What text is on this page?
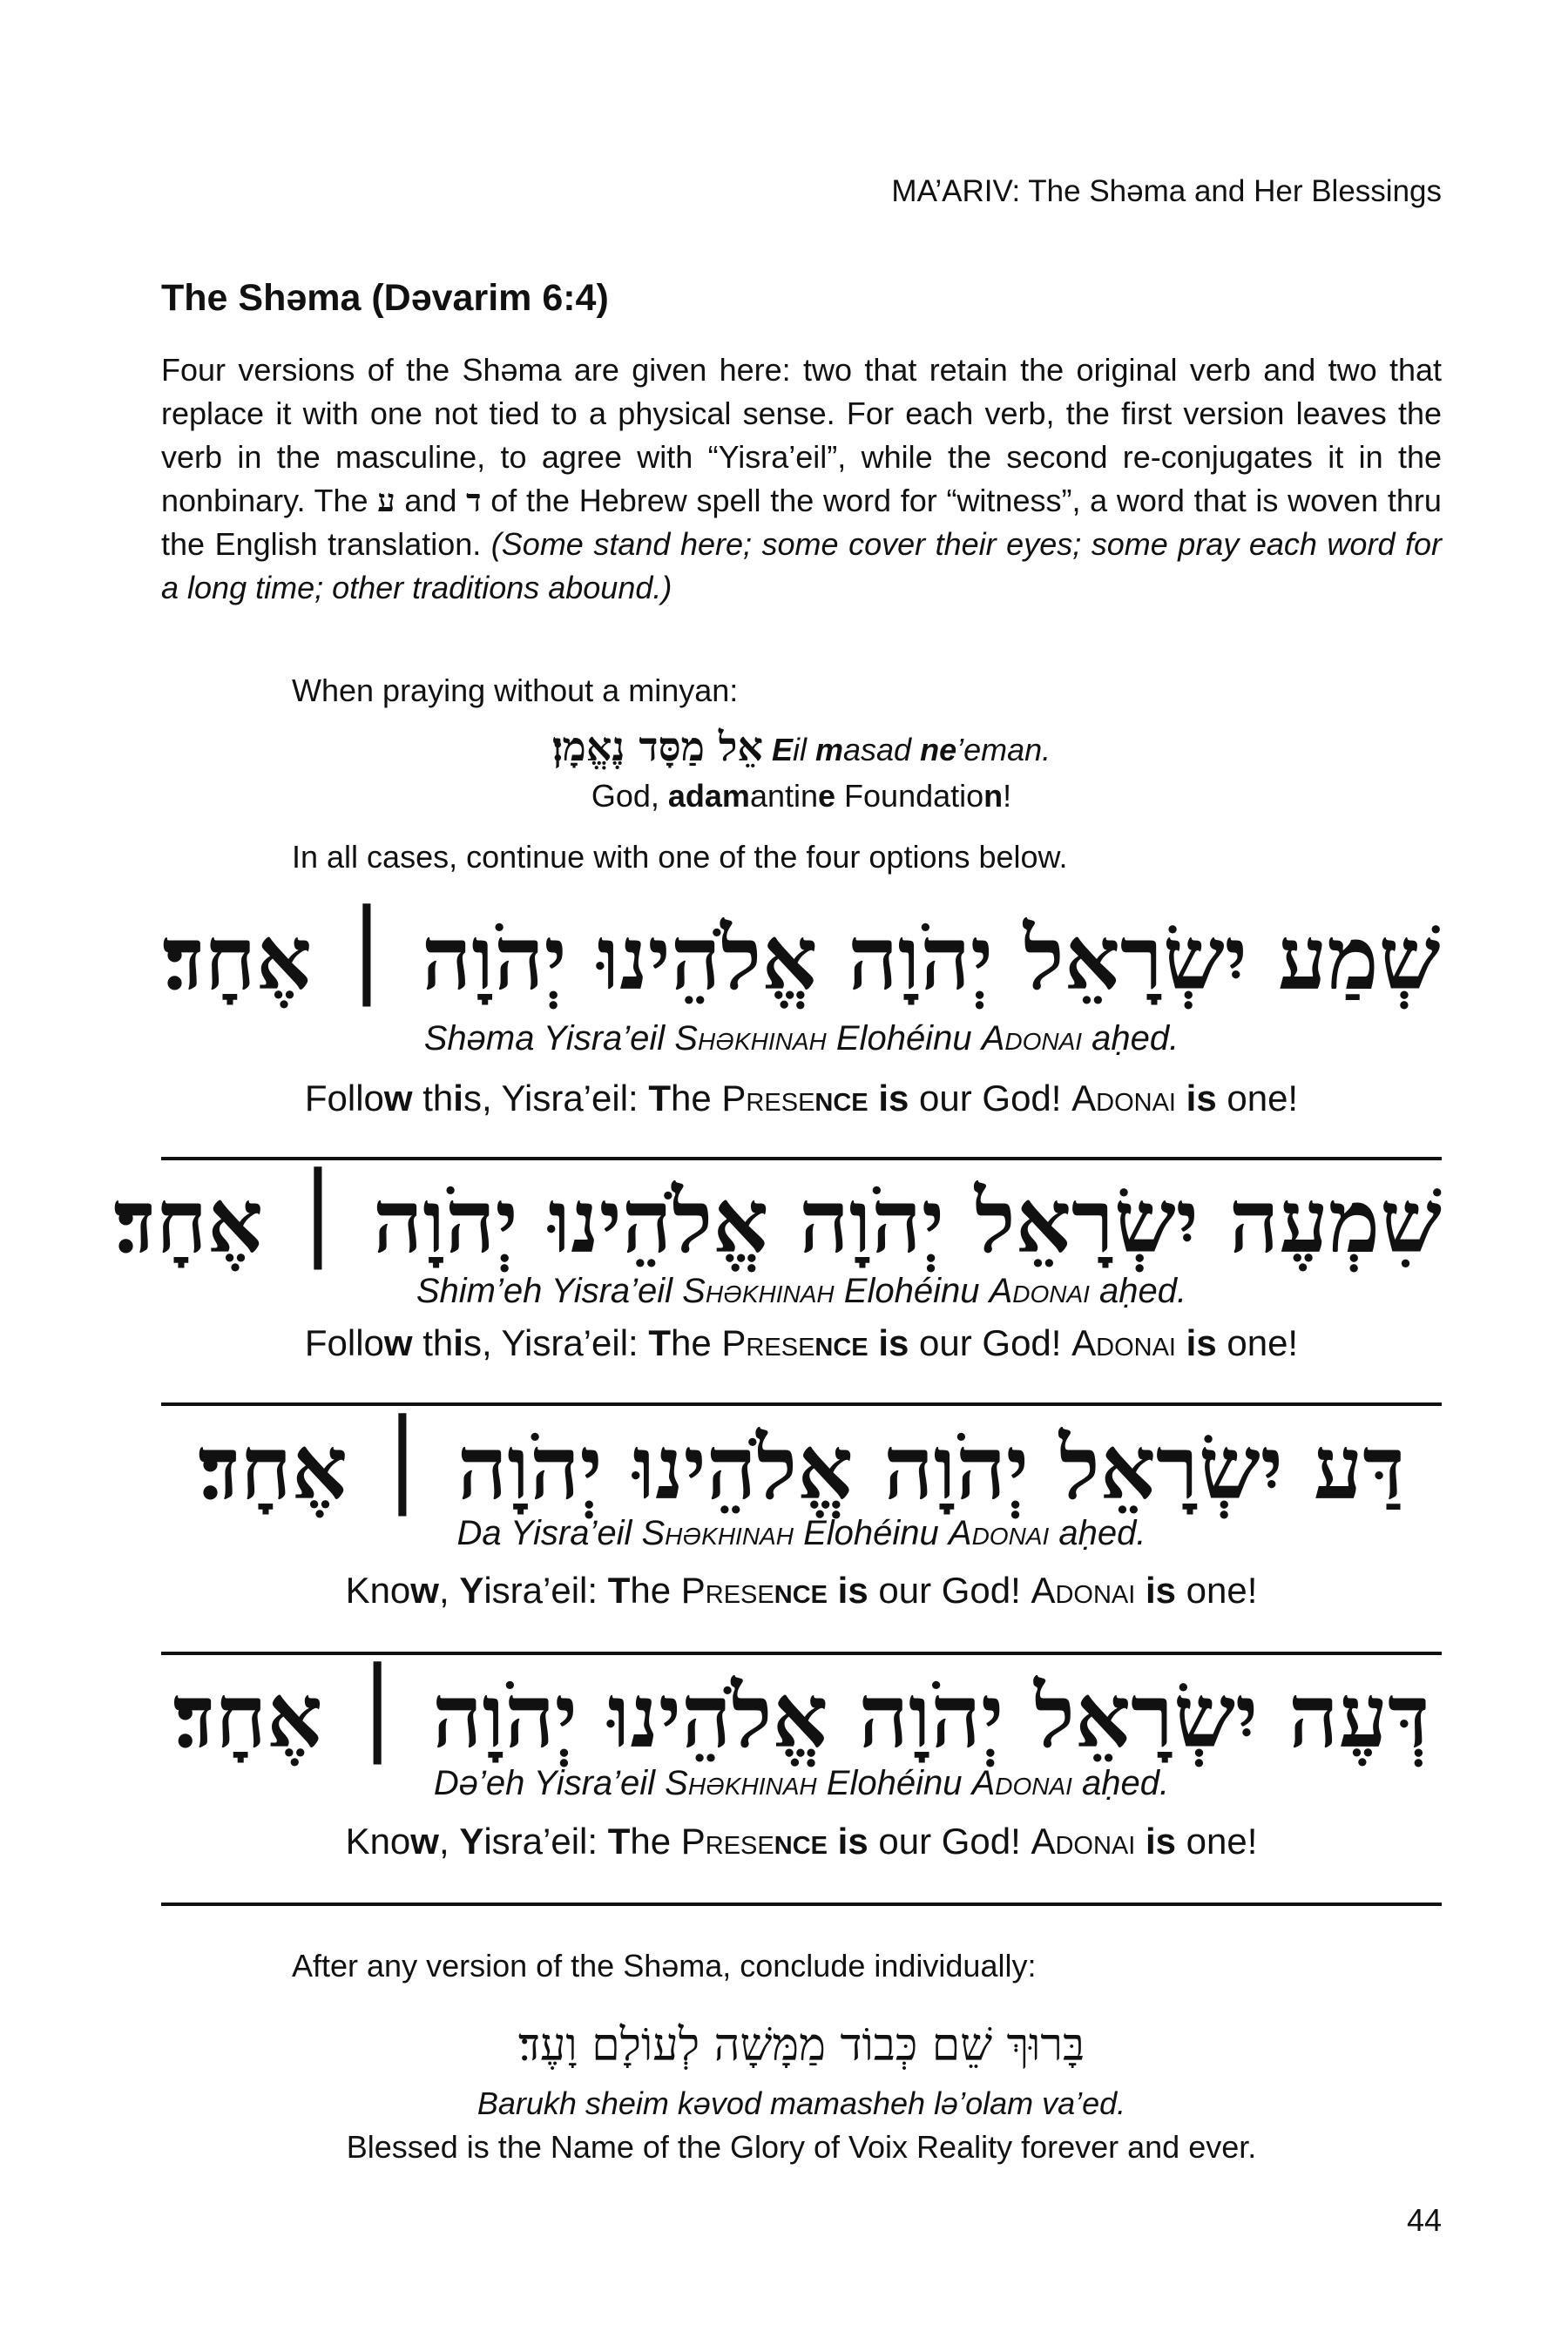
MA’ARIV: The Shəma and Her Blessings
The Shəma (Dəvarim 6:4)

Four versions of the Shəma are given here: two that retain the original verb and two that replace it with one not tied to a physical sense. For each verb, the first version leaves the verb in the masculine, to agree with “Yisra’eil”, while the second re-conjugates it in the nonbinary. The ע and ד of the Hebrew spell the word for “witness”, a word that is woven thru the English translation. (Some stand here; some cover their eyes; some pray each word for a long time; other traditions abound.)

When praying without a minyan:
אֵל מַסָּד נֶאֱמָן׃ Eil masad ne’eman.
God, adamantine Foundation!
In all cases, continue with one of the four options below.
שְׁמַע יִשְׂרָאֵל יְהֹוָה אֱלֹהֵינוּ יְהֹוָה ׀ אֶחָד׃
Shəma Yisra’eil Shəkhinah Elohéinu Adonai aḥed.
Follow this, Yisra’eil: The Presence is our God! Adonai is one!
שִׁמְעֶה יִשְׂרָאֵל יְהֹוָה אֱלֹהֵינוּ יְהֹוָה ׀ אֶחָד׃
Shim’eh Yisra’eil Shəkhinah Elohéinu Adonai aḥed.
Follow this, Yisra’eil: The Presence is our God! Adonai is one!
דַּע יִשְׂרָאֵל יְהֹוָה אֱלֹהֵינוּ יְהֹוָה ׀ אֶחָד׃
Da Yisra’eil Shəkhinah Elohéinu Adonai aḥed.
Know, Yisra’eil: The Presence is our God! Adonai is one!
דְּעֶה יִשְׂרָאֵל יְהֹוָה אֱלֹהֵינוּ יְהֹוָה ׀ אֶחָד׃
Də’eh Yisra’eil Shəkhinah Elohéinu Adonai aḥed.
Know, Yisra’eil: The Presence is our God! Adonai is one!
After any version of the Shəma, conclude individually:
בָּרוּךְ שֵׁם כְּבוֹד מַמָּשָׁה לְעוֹלָם וָעֶד׃
Barukh sheim kəvod mamasheh lə’olam va’ed.
Blessed is the Name of the Glory of Voix Reality forever and ever.
44
